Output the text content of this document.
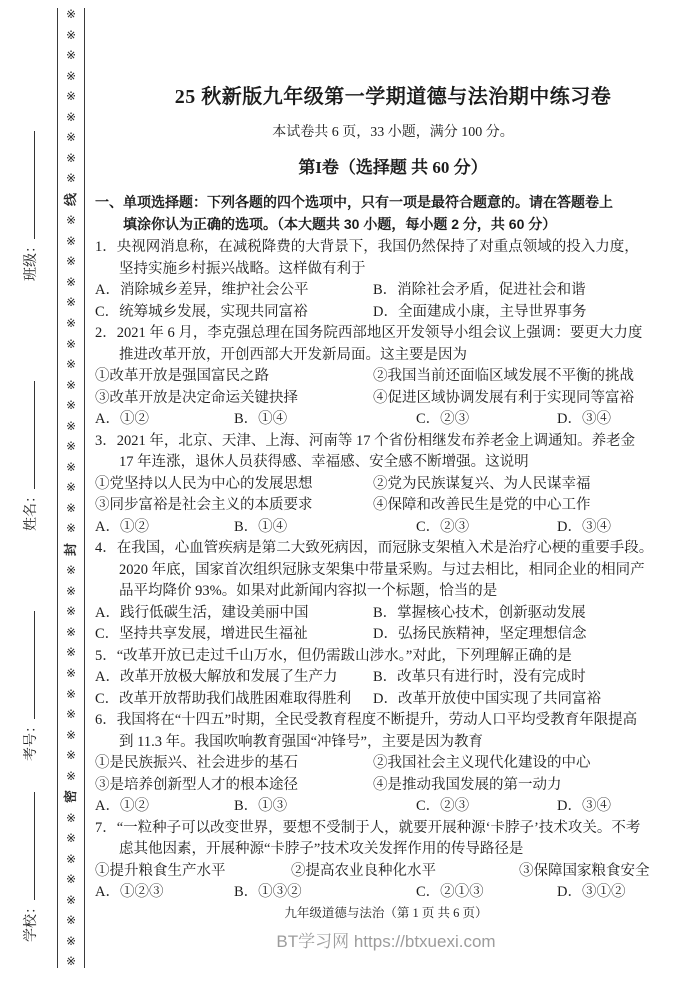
班级：
姓名：
考号：
学校：
※
※
※
※
※
※
※
※
※
线
※
※
※
※
※
※
※
※
※
※
※
※
※
※
※
※
封
※
※
※
※
※
※
※
※
※
※
※
密
※
※
※
※
※
※
※
※
25 秋新版九年级第一学期道德与法治期中练习卷
本试卷共 6 页，33 小题，满分 100 分。
第I卷（选择题 共 60 分）
一、单项选择题：下列各题的四个选项中，只有一项是最符合题意的。请在答题卷上
填涂你认为正确的选项。（本大题共 30 小题，每小题 2 分，共 60 分）
1．央视网消息称，在减税降费的大背景下，我国仍然保持了对重点领域的投入力度，
坚持实施乡村振兴战略。这样做有利于
A．消除城乡差异，维护社会公平	B．消除社会矛盾，促进社会和谐
C．统筹城乡发展，实现共同富裕	D．全面建成小康，主导世界事务
2．2021 年 6 月，李克强总理在国务院西部地区开发领导小组会议上强调：要更大力度
推进改革开放，开创西部大开发新局面。这主要是因为
①改革开放是强国富民之路	②我国当前还面临区域发展不平衡的挑战
③改革开放是决定命运关键抉择	④促进区域协调发展有利于实现同等富裕
A．①②	B．①④	C．②③	D．③④
3．2021 年，北京、天津、上海、河南等 17 个省份相继发布养老金上调通知。养老金
17 年连涨，退休人员获得感、幸福感、安全感不断增强。这说明
①党坚持以人民为中心的发展思想	②党为民族谋复兴、为人民谋幸福
③同步富裕是社会主义的本质要求	④保障和改善民生是党的中心工作
A．①②	B．①④	C．②③	D．③④
4．在我国，心血管疾病是第二大致死病因，而冠脉支架植入术是治疗心梗的重要手段。
2020 年底，国家首次组织冠脉支架集中带量采购。与过去相比，相同企业的相同产
品平均降价 93%。如果对此新闻内容拟一个标题，恰当的是
A．践行低碳生活，建设美丽中国	B．掌握核心技术，创新驱动发展
C．坚持共享发展，增进民生福祉	D．弘扬民族精神，坚定理想信念
5．“改革开放已走过千山万水，但仍需跋山涉水。”对此，下列理解正确的是
A．改革开放极大解放和发展了生产力 B．改革只有进行时，没有完成时
C．改革开放帮助我们战胜困难取得胜利 D．改革开放使中国实现了共同富裕
6．我国将在“十四五”时期，全民受教育程度不断提升，劳动人口平均受教育年限提高
到 11.3 年。我国吹响教育强国“冲锋号”，主要是因为教育
①是民族振兴、社会进步的基石	②我国社会主义现代化建设的中心
③是培养创新型人才的根本途径	④是推动我国发展的第一动力
A．①②	B．①③	C．②③	D．③④
7．“一粒种子可以改变世界，要想不受制于人，就要开展种源‘卡脖子’技术攻关。不考
虑其他因素，开展种源“卡脖子”技术攻关发挥作用的传导路径是
①提升粮食生产水平	②提高农业良种化水平	③保障国家粮食安全
A．①②③	B．①③②	C．②①③	D．③①②
九年级道德与法治（第 1 页 共 6 页）
BT学习网 https://btxuexi.com
